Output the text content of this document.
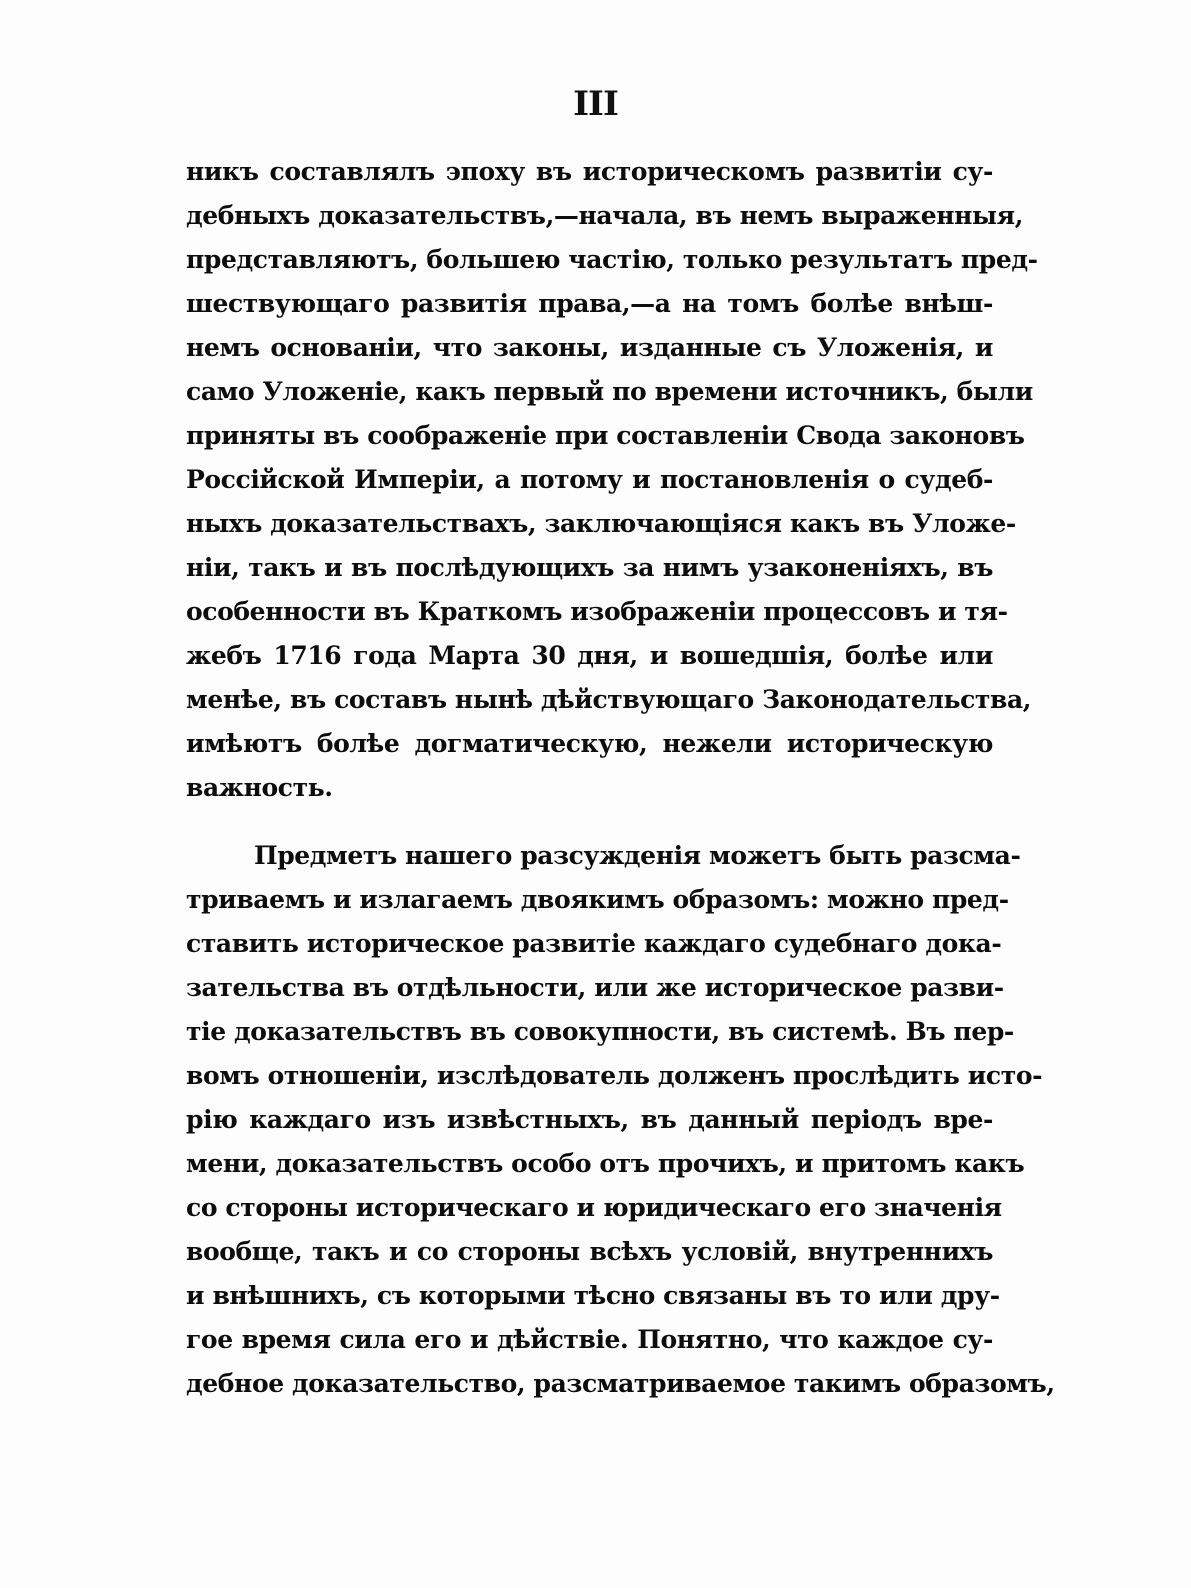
III
никъ составлялъ эпоху въ историческомъ развитiи су-
дебныхъ доказательствъ,—начала, въ немъ выраженныя,
представляютъ, большею частiю, только результатъ пред-
шествующаго развитiя права,—а на томъ болѣе внѣш-
немъ основанiи, что законы, изданные съ Уложенiя, и
само Уложенiе, какъ первый по времени источникъ, были
приняты въ соображенiе при составленiи Свода законовъ
Россiйской Имперiи, а потому и постановленiя о судеб-
ныхъ доказательствахъ, заключающiяся какъ въ Уложе-
нiи, такъ и въ послѣдующихъ за нимъ узаконенiяхъ, въ
особенности въ Краткомъ изображенiи процессовъ и тя-
жебъ 1716 года Марта 30 дня, и вошедшiя, болѣе или
менѣе, въ составъ нынѣ дѣйствующаго Законодательства,
имѣютъ болѣе догматическую, нежели историческую
важность.
Предметъ нашего разсужденiя можетъ быть разсма-
триваемъ и излагаемъ двоякимъ образомъ: можно пред-
ставить историческое развитiе каждаго судебнаго дока-
зательства въ отдѣльности, или же историческое разви-
тiе доказательствъ въ совокупности, въ системѣ. Въ пер-
вомъ отношенiи, изслѣдователь долженъ прослѣдить исто-
рiю каждаго изъ извѣстныхъ, въ данный перiодъ вре-
мени, доказательствъ особо отъ прочихъ, и притомъ какъ
со стороны историческаго и юридическаго его значенiя
вообще, такъ и со стороны всѣхъ условiй, внутреннихъ
и внѣшнихъ, съ которыми тѣсно связаны въ то или дру-
гое время сила его и дѣйствiе. Понятно, что каждое су-
дебное доказательство, разсматриваемое такимъ образомъ,
